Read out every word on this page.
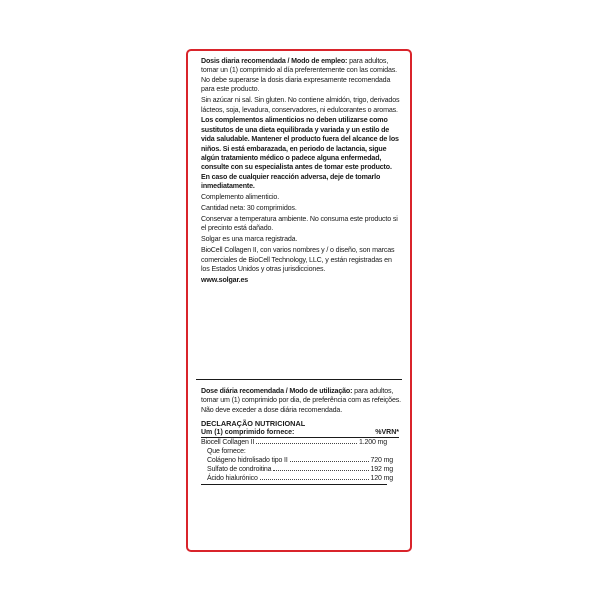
Dosis diaria recomendada / Modo de empleo: para adultos, tomar un (1) comprimido al día preferentemente con las comidas. No debe superarse la dosis diaria expresamente recomendada para este producto.

Sin azúcar ni sal. Sin gluten. No contiene almidón, trigo, derivados lácteos, soja, levadura, conservadores, ni edulcorantes o aromas.

Los complementos alimenticios no deben utilizarse como sustitutos de una dieta equilibrada y variada y un estilo de vida saludable. Mantener el producto fuera del alcance de los niños. Si está embarazada, en periodo de lactancia, sigue algún tratamiento médico o padece alguna enfermedad, consulte con su especialista antes de tomar este producto. En caso de cualquier reacción adversa, deje de tomarlo inmediatamente.

Complemento alimenticio.

Cantidad neta: 30 comprimidos.

Conservar a temperatura ambiente. No consuma este producto si el precinto está dañado.

Solgar es una marca registrada.

BioCell Collagen II, con varios nombres y / o diseño, son marcas comerciales de BioCell Technology, LLC, y están registradas en los Estados Unidos y otras jurisdicciones.

www.solgar.es

Dose diária recomendada / Modo de utilização: para adultos, tomar um (1) comprimido por dia, de preferência com as refeições. Não deve exceder a dose diária recomendada.

DECLARAÇÃO NUTRICIONAL
Um (1) comprimido fornece:	%VRN*
Biocell Collagen II	1.200 mg
Que fornece:
Colágeno hidrolisado tipo II	720 mg
Sulfato de condroitina	192 mg
Ácido hialurónico	120 mg
